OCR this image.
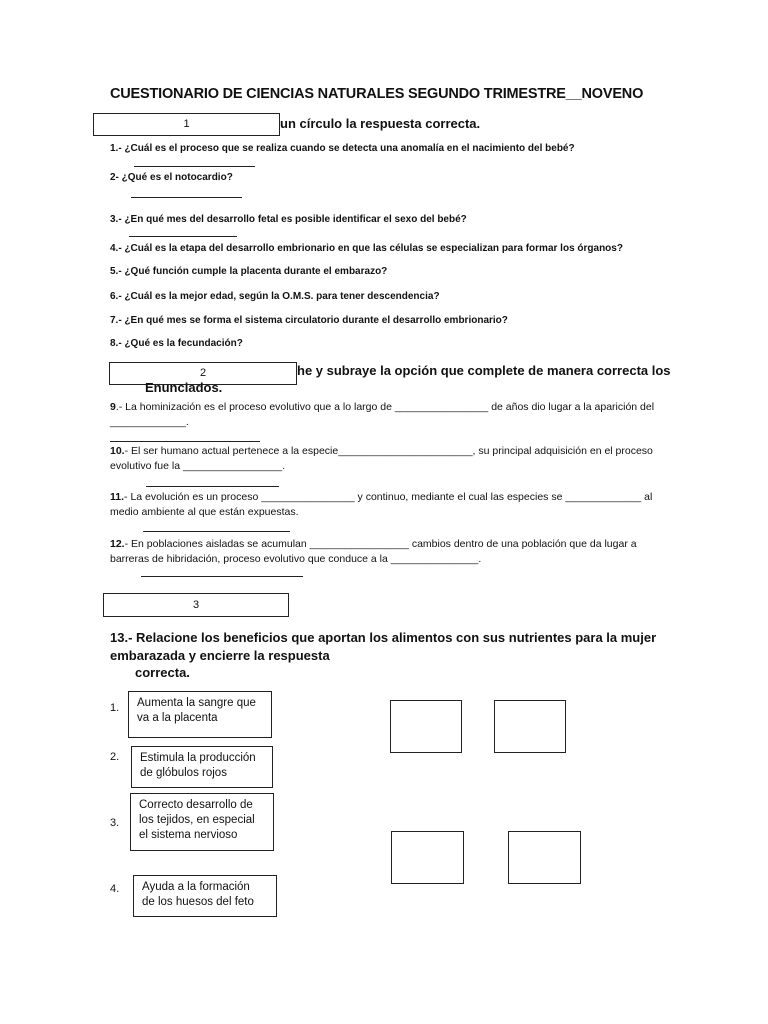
CUESTIONARIO DE CIENCIAS NATURALES SEGUNDO TRIMESTRE__NOVENO
1	un círculo la respuesta correcta.
1.- ¿Cuál es el proceso que se realiza cuando se detecta una anomalía en el nacimiento del bebé?
2- ¿Qué es el notocardio?
3.- ¿En qué mes del desarrollo fetal es posible identificar el sexo del bebé?
4.- ¿Cuál es la etapa del desarrollo embrionario en que las células se especializan para formar los órganos?
5.- ¿Qué función cumple la placenta durante el embarazo?
6.- ¿Cuál es la mejor edad, según la O.M.S. para tener descendencia?
7.- ¿En qué mes se forma el sistema circulatorio durante el desarrollo embrionario?
8.- ¿Qué es la fecundación?
2	he y subraye la opción que complete de manera correcta los
Enunciados.
9.- La hominización es el proceso evolutivo que a lo largo de ________________ de años dio lugar a la aparición del
_____________.
10.- El ser humano actual pertenece a la especie_______________________, su principal adquisición en el proceso
evolutivo fue la _________________.
11.- La evolución es un proceso ________________ y continuo, mediante el cual las especies se _____________ al
medio ambiente al que están expuestas.
12.- En poblaciones aisladas se acumulan _________________ cambios dentro de una población que da lugar a
barreras de hibridación, proceso evolutivo que conduce a la _______________.
3
13.- Relacione los beneficios que aportan los alimentos con sus nutrientes para la mujer
embarazada y encierre la respuesta
correcta.
1. Aumenta la sangre que
va a la placenta
2. Estimula la producción
de glóbulos rojos
3.
Correcto desarrollo de
los tejidos, en especial
el sistema nervioso
4. Ayuda a la formación
de los huesos del feto
